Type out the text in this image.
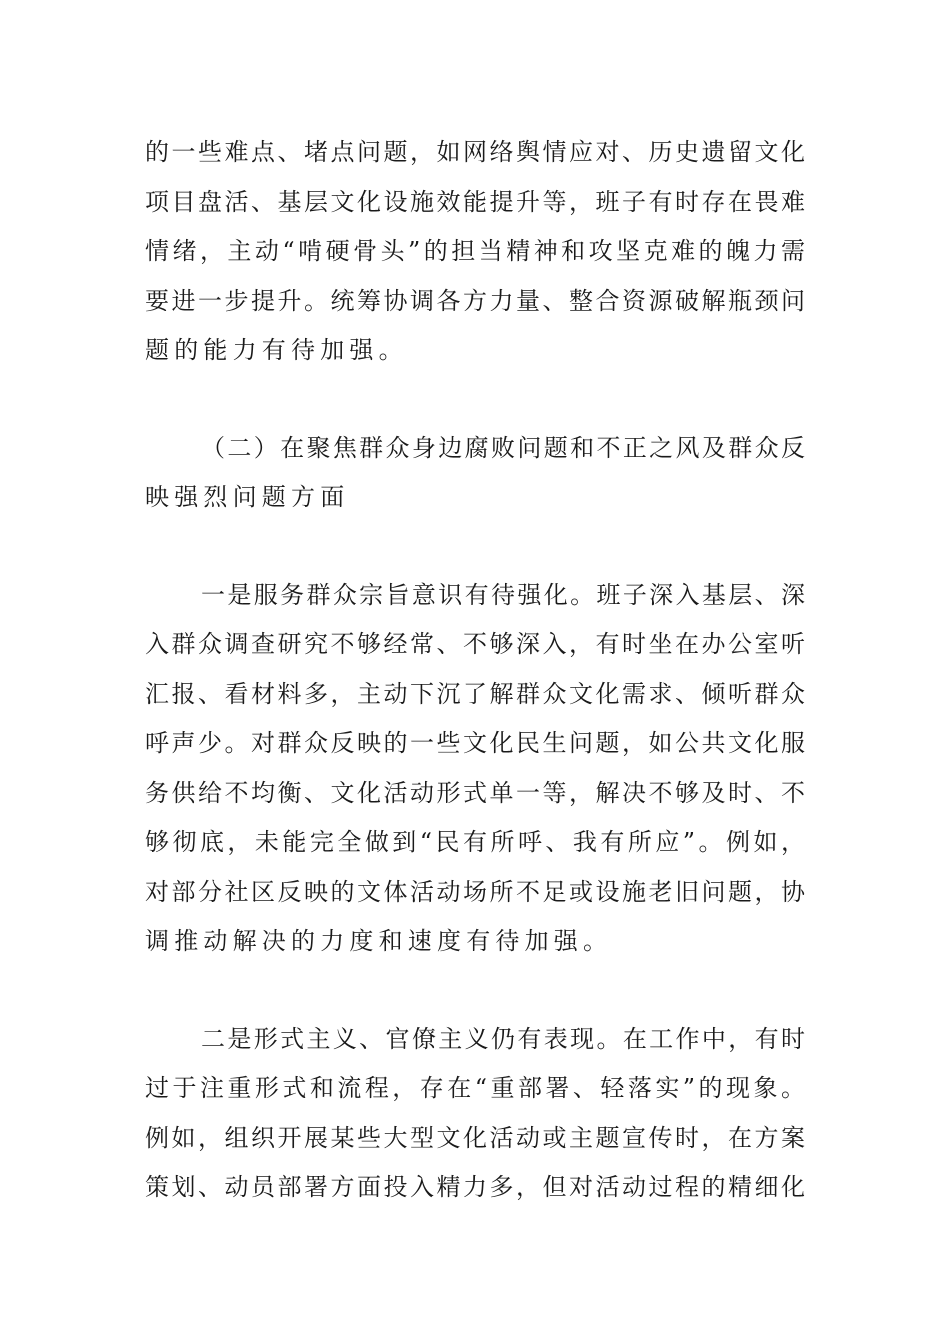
的一些难点、堵点问题，如网络舆情应对、历史遗留文化
项目盘活、基层文化设施效能提升等，班子有时存在畏难
情绪，主动“啃硬骨头”的担当精神和攻坚克难的魄力需
要进一步提升。统筹协调各方力量、整合资源破解瓶颈问
题的能力有待加强。
（二）在聚焦群众身边腐败问题和不正之风及群众反
映强烈问题方面
一是服务群众宗旨意识有待强化。班子深入基层、深
入群众调查研究不够经常、不够深入，有时坐在办公室听
汇报、看材料多，主动下沉了解群众文化需求、倾听群众
呼声少。对群众反映的一些文化民生问题，如公共文化服
务供给不均衡、文化活动形式单一等，解决不够及时、不
够彻底，未能完全做到“民有所呼、我有所应”。例如，
对部分社区反映的文体活动场所不足或设施老旧问题，协
调推动解决的力度和速度有待加强。
二是形式主义、官僚主义仍有表现。在工作中，有时
过于注重形式和流程，存在“重部署、轻落实”的现象。
例如，组织开展某些大型文化活动或主题宣传时，在方案
策划、动员部署方面投入精力多，但对活动过程的精细化
